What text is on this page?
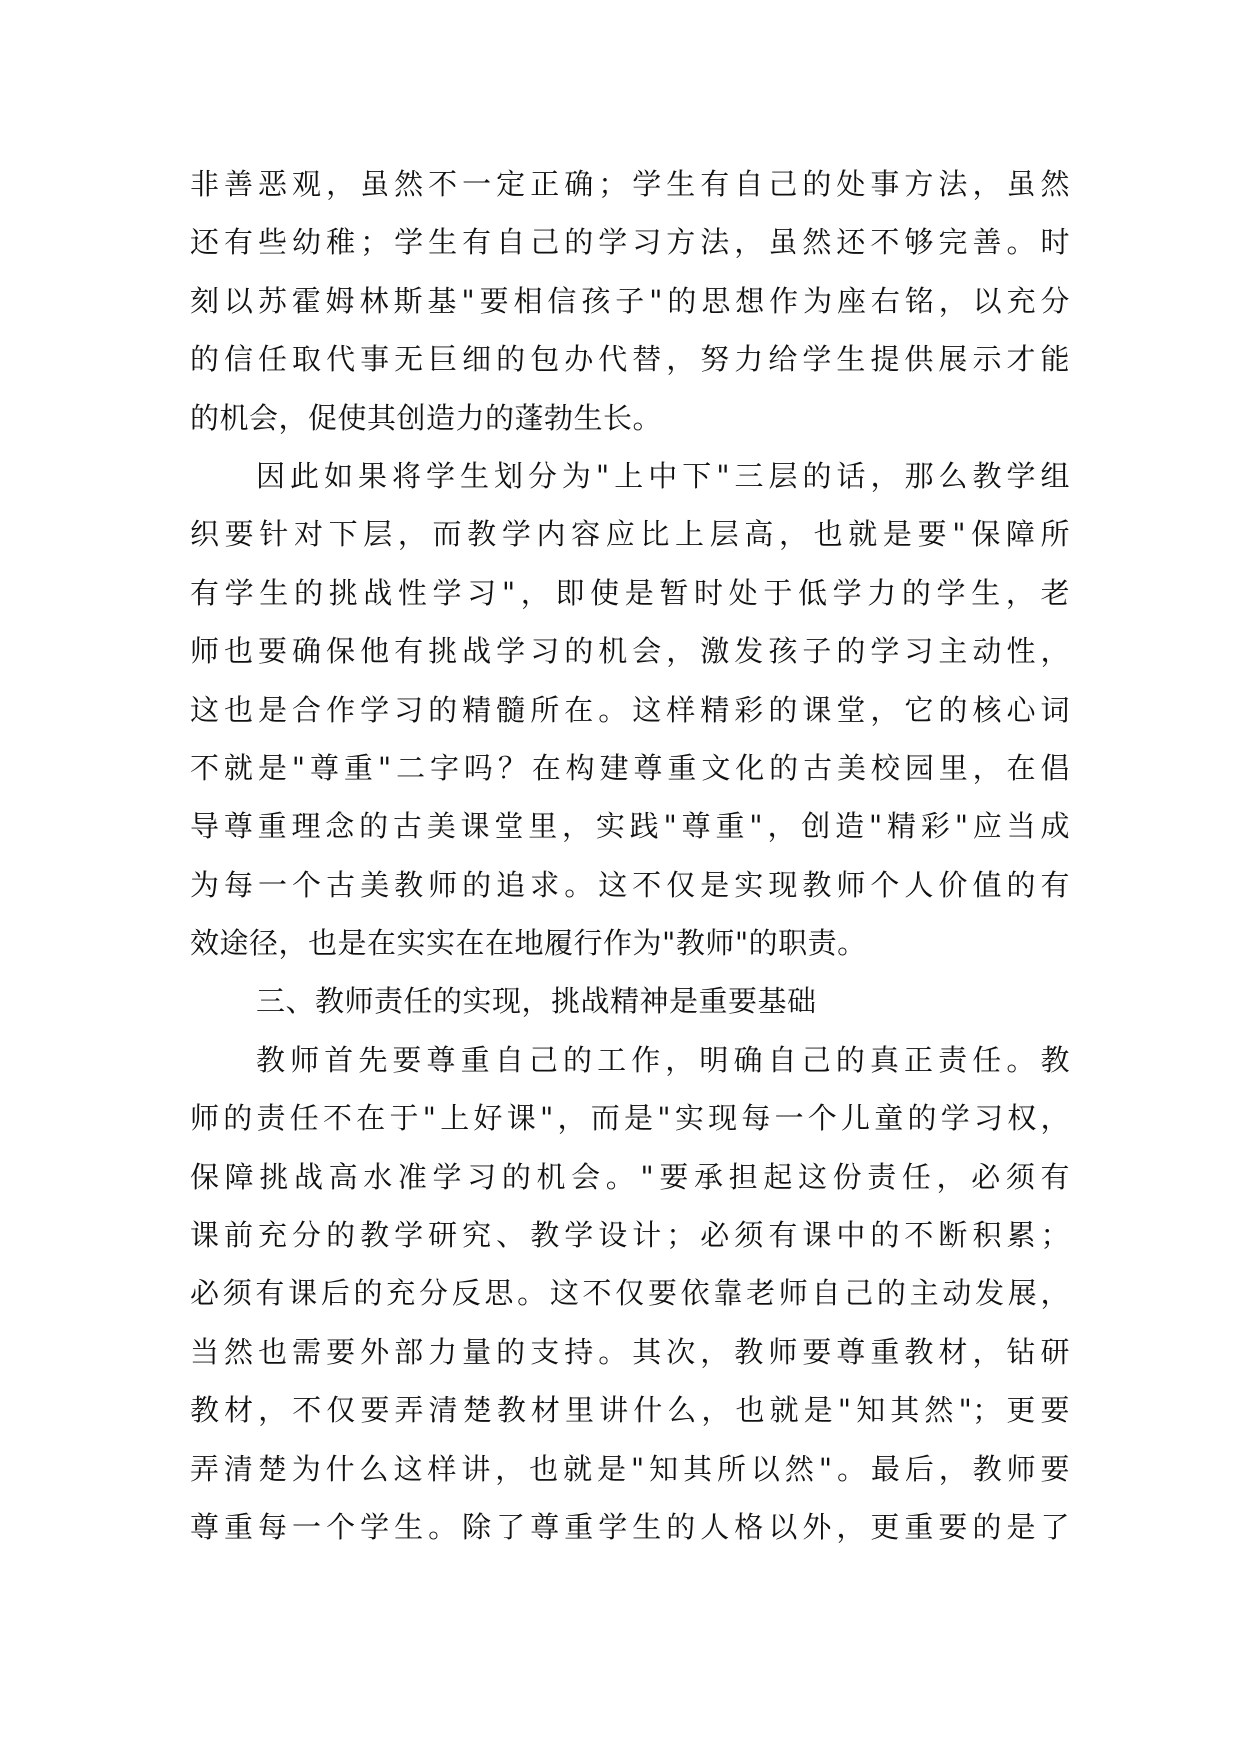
非善恶观，虽然不一定正确；学生有自己的处事方法，虽然
还有些幼稚；学生有自己的学习方法，虽然还不够完善。时
刻以苏霍姆林斯基"要相信孩子"的思想作为座右铭，以充分
的信任取代事无巨细的包办代替，努力给学生提供展示才能
的机会，促使其创造力的蓬勃生长。
因此如果将学生划分为"上中下"三层的话，那么教学组
织要针对下层，而教学内容应比上层高，也就是要"保障所
有学生的挑战性学习"，即使是暂时处于低学力的学生，老
师也要确保他有挑战学习的机会，激发孩子的学习主动性，
这也是合作学习的精髓所在。这样精彩的课堂，它的核心词
不就是"尊重"二字吗？在构建尊重文化的古美校园里，在倡
导尊重理念的古美课堂里，实践"尊重"，创造"精彩"应当成
为每一个古美教师的追求。这不仅是实现教师个人价值的有
效途径，也是在实实在在地履行作为"教师"的职责。
三、教师责任的实现，挑战精神是重要基础
教师首先要尊重自己的工作，明确自己的真正责任。教
师的责任不在于"上好课"，而是"实现每一个儿童的学习权，
保障挑战高水准学习的机会。"要承担起这份责任，必须有
课前充分的教学研究、教学设计；必须有课中的不断积累；
必须有课后的充分反思。这不仅要依靠老师自己的主动发展，
当然也需要外部力量的支持。其次，教师要尊重教材，钻研
教材，不仅要弄清楚教材里讲什么，也就是"知其然"；更要
弄清楚为什么这样讲，也就是"知其所以然"。最后，教师要
尊重每一个学生。除了尊重学生的人格以外，更重要的是了
